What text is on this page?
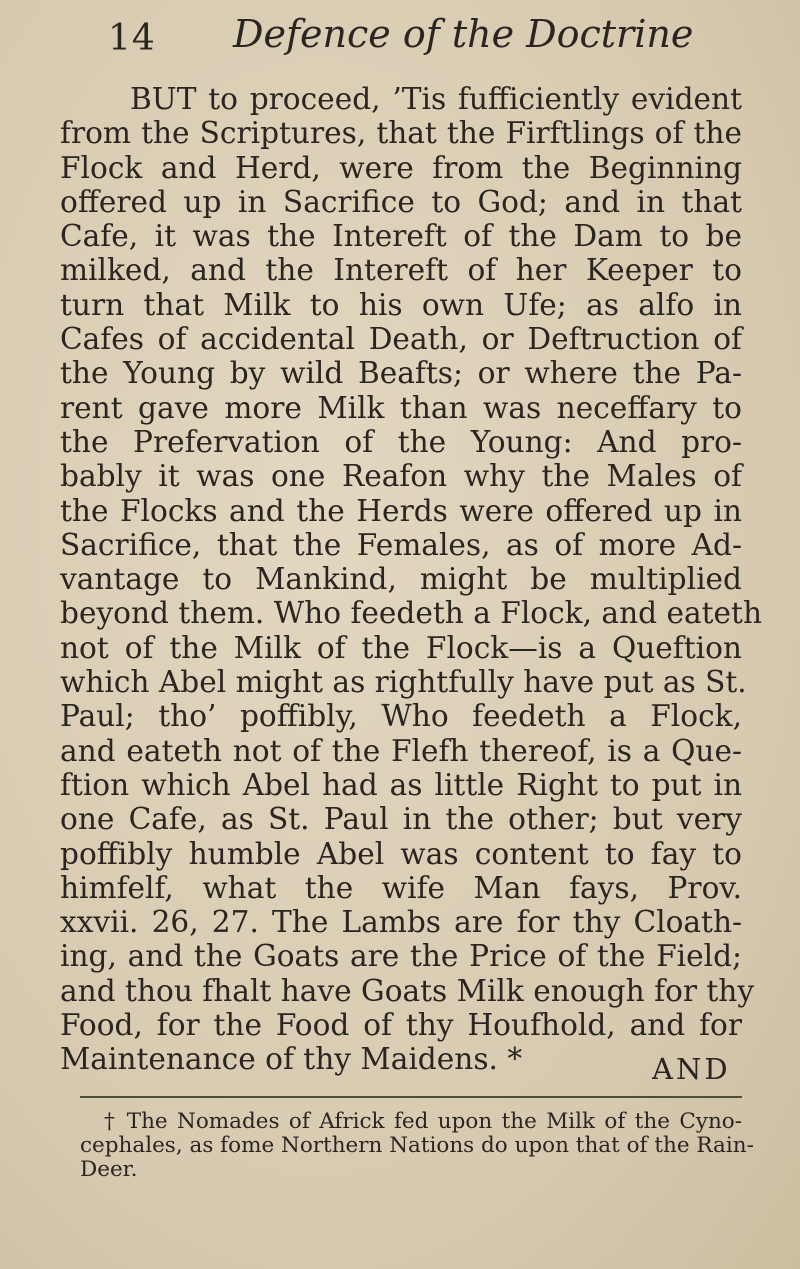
14 Defence of the Doctrine
BUT to proceed, ’Tis fufficiently evident
from the Scriptures, that the Firftlings of the
Flock and Herd, were from the Beginning
offered up in Sacrifice to God; and in that
Cafe, it was the Intereft of the Dam to be
milked, and the Intereft of her Keeper to
turn that Milk to his own Ufe; as alfo in
Cafes of accidental Death, or Deftruction of
the Young by wild Beafts; or where the Pa-
rent gave more Milk than was neceffary to
the Prefervation of the Young: And pro-
bably it was one Reafon why the Males of
the Flocks and the Herds were offered up in
Sacrifice, that the Females, as of more Ad-
vantage to Mankind, might be multiplied
beyond them. Who feedeth a Flock, and eateth
not of the Milk of the Flock—is a Queftion
which Abel might as rightfully have put as St.
Paul; tho’ poffibly, Who feedeth a Flock,
and eateth not of the Flefh thereof, is a Que-
ftion which Abel had as little Right to put in
one Cafe, as St. Paul in the other; but very
poffibly humble Abel was content to fay to
himfelf, what the wife Man fays, Prov.
xxvii. 26, 27. The Lambs are for thy Cloath-
ing, and the Goats are the Price of the Field;
and thou fhalt have Goats Milk enough for thy
Food, for the Food of thy Houfhold, and for
Maintenance of thy Maidens. *	AND
† The Nomades of Africk fed upon the Milk of the Cyno-
cephales, as fome Northern Nations do upon that of the Rain-
Deer.
